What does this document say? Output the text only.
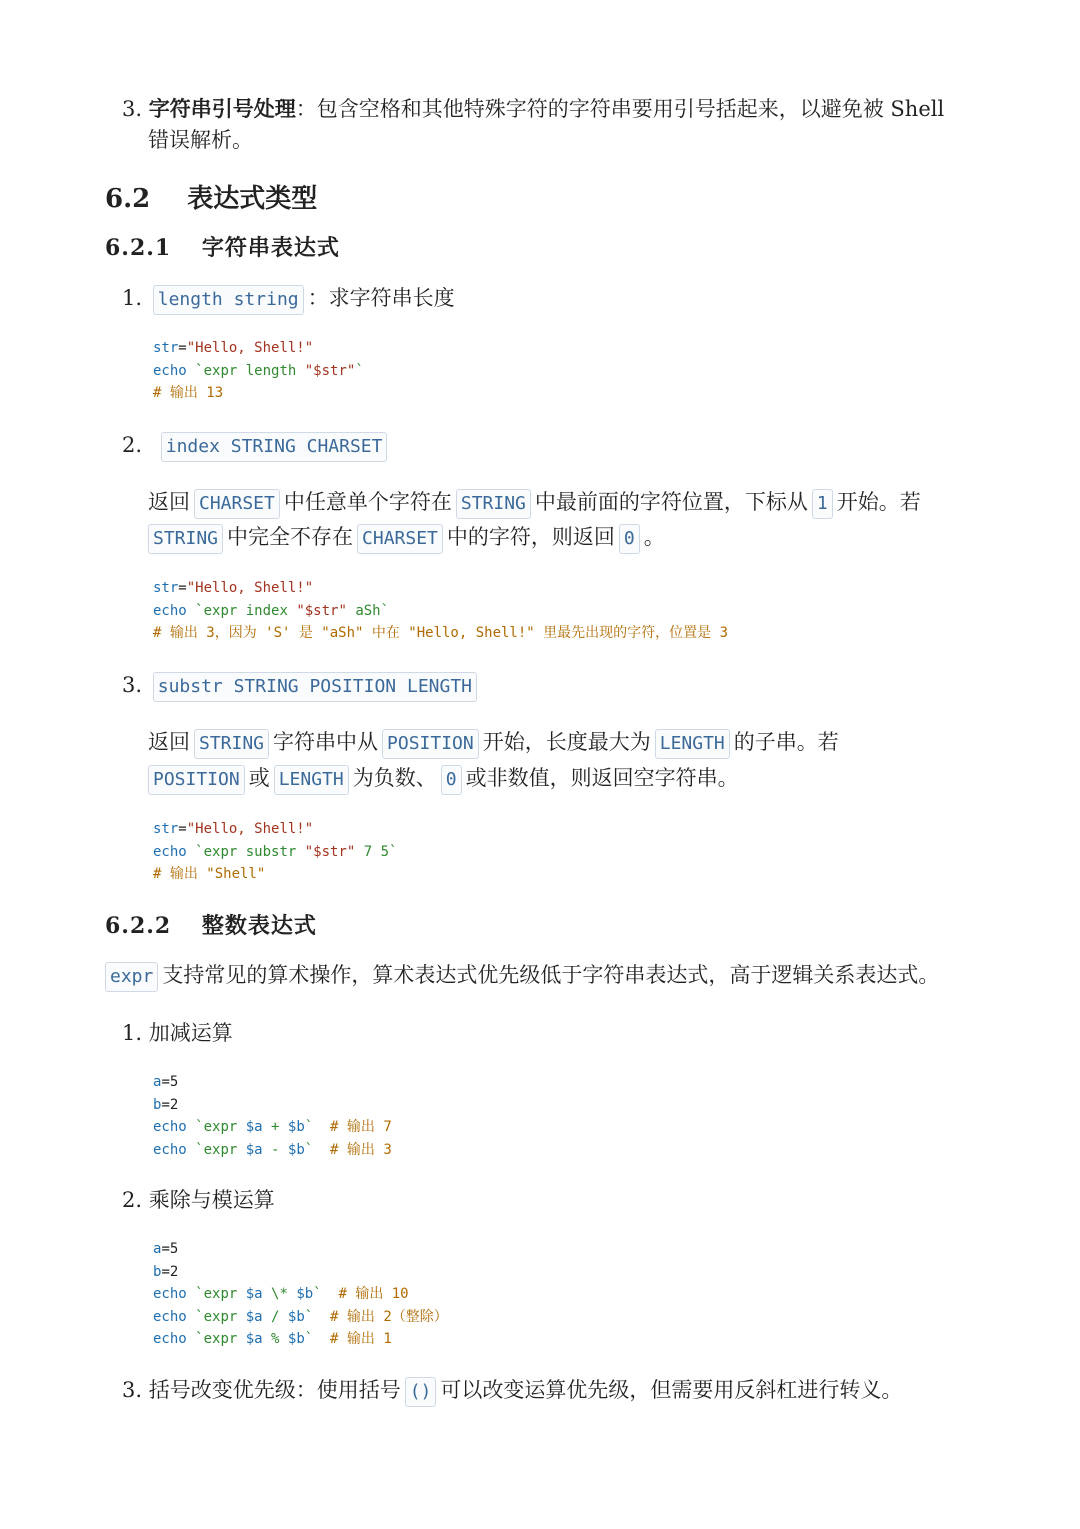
3. 字符串引号处理：包含空格和其他特殊字符的字符串要用引号括起来，以避免被 Shell
错误解析。
6.2 表达式类型
6.2.1 字符串表达式
1. length string ：求字符串长度
str="Hello, Shell!"
echo `expr length "$str"`
# 输出 13
2. index STRING CHARSET
返回 CHARSET 中任意单个字符在 STRING 中最前面的字符位置，下标从 1 开始。若
STRING 中完全不存在 CHARSET 中的字符，则返回 0 。
str="Hello, Shell!"
echo `expr index "$str" aSh`
# 输出 3，因为 'S' 是 "aSh" 中在 "Hello, Shell!" 里最先出现的字符，位置是 3
3. substr STRING POSITION LENGTH
返回 STRING 字符串中从 POSITION 开始，长度最大为 LENGTH 的子串。若
POSITION 或 LENGTH 为负数、 0 或非数值，则返回空字符串。
str="Hello, Shell!"
echo `expr substr "$str" 7 5`
# 输出 "Shell"
6.2.2 整数表达式
expr 支持常见的算术操作，算术表达式优先级低于字符串表达式，高于逻辑关系表达式。
1. 加减运算
a=5
b=2
echo `expr $a + $b` # 输出 7
echo `expr $a - $b` # 输出 3
2. 乘除与模运算
a=5
b=2
echo `expr $a \* $b` # 输出 10
echo `expr $a / $b` # 输出 2（整除）
echo `expr $a % $b` # 输出 1
3. 括号改变优先级：使用括号 () 可以改变运算优先级，但需要用反斜杠进行转义。
